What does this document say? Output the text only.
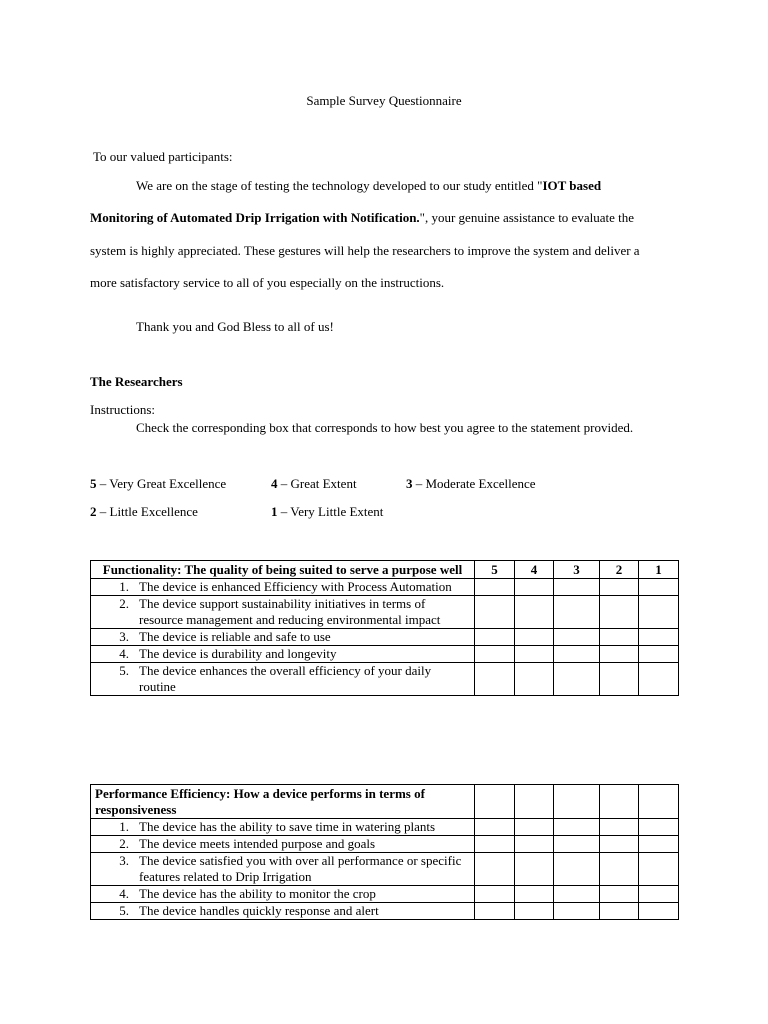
Sample Survey Questionnaire
To our valued participants:
We are on the stage of testing the technology developed to our study entitled "IOT based
Monitoring of Automated Drip Irrigation with Notification.", your genuine assistance to evaluate the
system is highly appreciated. These gestures will help the researchers to improve the system and deliver a
more satisfactory service to all of you especially on the instructions.
Thank you and God Bless to all of us!
The Researchers
Instructions:
Check the corresponding box that corresponds to how best you agree to the statement provided.
5 – Very Great Excellence	4 – Great Extent	3 – Moderate Excellence
2 – Little Excellence	1 – Very Little Extent
Functionality: The quality of being suited to serve a purpose well	5	4	3	2	1

1. The device is enhanced Efficiency with Process Automation					

2. The device support sustainability initiatives in terms of resource management and reducing environmental impact					

3. The device is reliable and safe to use					

4. The device is durability and longevity					

5. The device enhances the overall efficiency of your daily routine					

Performance Efficiency: How a device performs in terms of responsiveness					

1. The device has the ability to save time in watering plants					

2. The device meets intended purpose and goals					

3. The device satisfied you with over all performance or specific features related to Drip Irrigation					

4. The device has the ability to monitor the crop					

5. The device handles quickly response and alert					
